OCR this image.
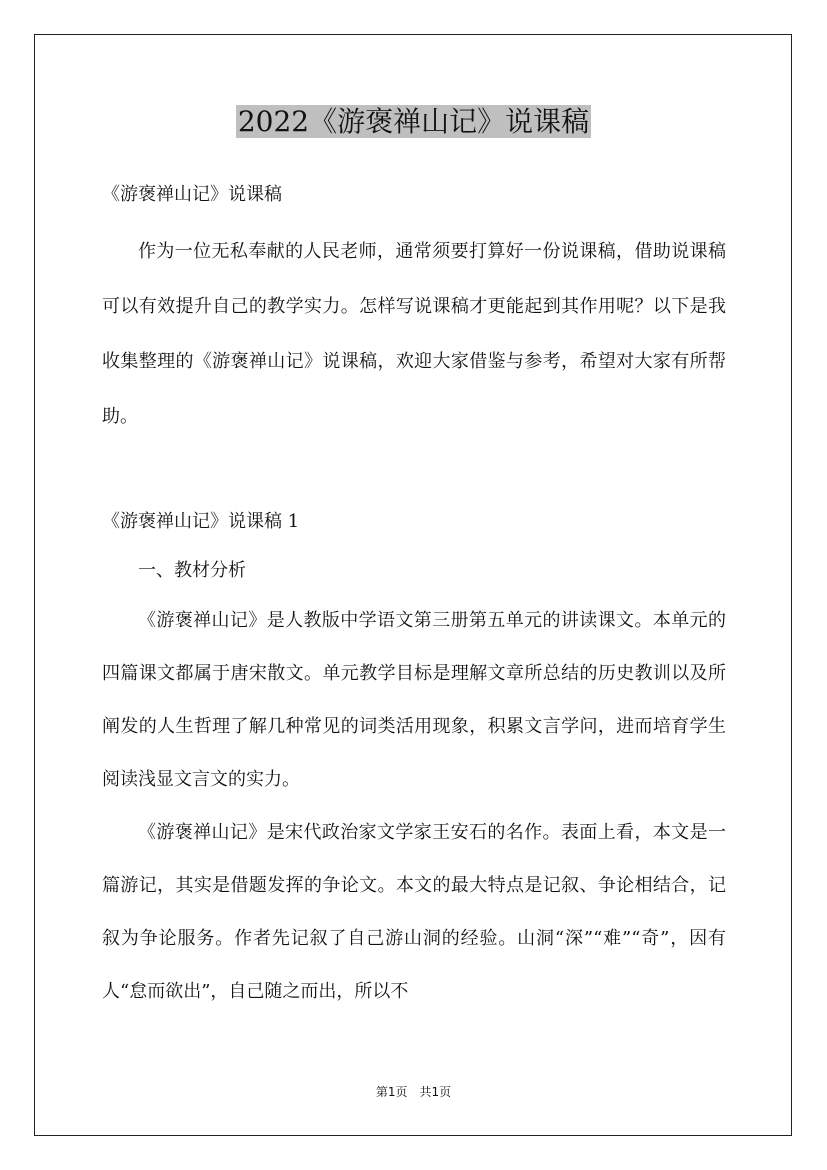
2022《游褒禅山记》说课稿

《游褒禅山记》说课稿

作为一位无私奉献的人民老师，通常须要打算好一份说课稿，借助说课稿可以有效提升自己的教学实力。怎样写说课稿才更能起到其作用呢？以下是我收集整理的《游褒禅山记》说课稿，欢迎大家借鉴与参考，希望对大家有所帮助。

《游褒禅山记》说课稿 1

一、教材分析

《游褒禅山记》是人教版中学语文第三册第五单元的讲读课文。本单元的四篇课文都属于唐宋散文。单元教学目标是理解文章所总结的历史教训以及所阐发的人生哲理了解几种常见的词类活用现象，积累文言学问，进而培育学生阅读浅显文言文的实力。

《游褒禅山记》是宋代政治家文学家王安石的名作。表面上看，本文是一篇游记，其实是借题发挥的争论文。本文的最大特点是记叙、争论相结合，记叙为争论服务。作者先记叙了自己游山洞的经验。山洞“深”“难”“奇”，因有人“怠而欲出”，自己随之而出，所以不

第1页　共1页
